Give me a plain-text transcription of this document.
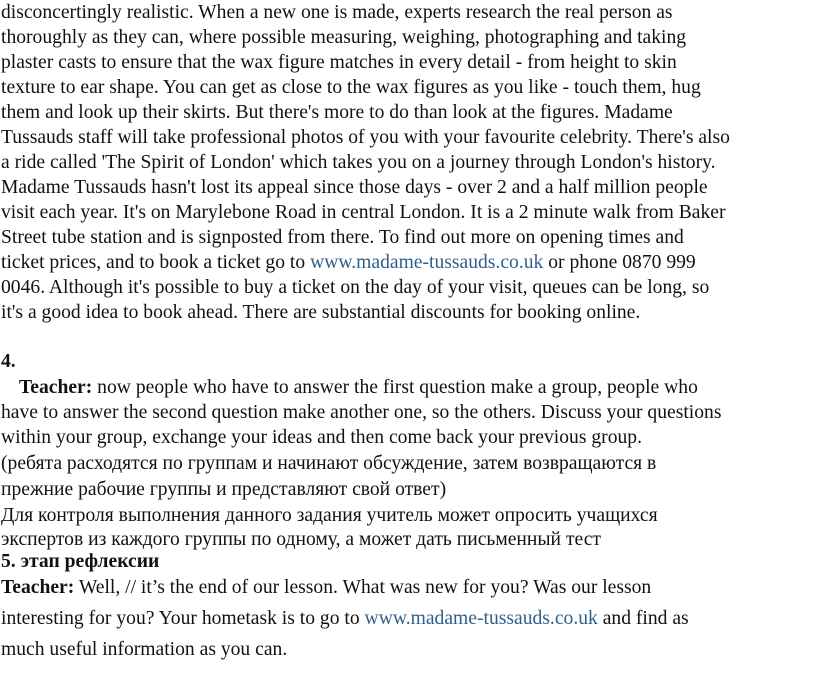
disconcertingly realistic. When a new one is made, experts research the real person as
thoroughly as they can, where possible measuring, weighing, photographing and taking
plaster casts to ensure that the wax figure matches in every detail - from height to skin
texture to ear shape. You can get as close to the wax figures as you like - touch them, hug
them and look up their skirts. But there's more to do than look at the figures. Madame
Tussauds staff will take professional photos of you with your favourite celebrity. There's also
a ride called 'The Spirit of London' which takes you on a journey through London's history.
Madame Tussauds hasn't lost its appeal since those days - over 2 and a half million people
visit each year. It's on Marylebone Road in central London. It is a 2 minute walk from Baker
Street tube station and is signposted from there. To find out more on opening times and
ticket prices, and to book a ticket go to www.madame-tussauds.co.uk or phone 0870 999
0046. Although it's possible to buy a ticket on the day of your visit, queues can be long, so
it's a good idea to book ahead. There are substantial discounts for booking online.
4.
Teacher: now people who have to answer the first question make a group, people who
have to answer the second question make another one, so the others. Discuss your questions
within your group, exchange your ideas and then come back your previous group.
(ребята расходятся по группам и начинают обсуждение, затем возвращаются в
прежние рабочие группы и представляют свой ответ)
Для контроля выполнения данного задания учитель может опросить учащихся
экспертов из каждого группы по одному, а может дать письменный тест
5. этап рефлексии
Teacher: Well, // it’s the end of our lesson. What was new for you? Was our lesson
interesting for you? Your hometask is to go to www.madame-tussauds.co.uk and find as
much useful information as you can.
